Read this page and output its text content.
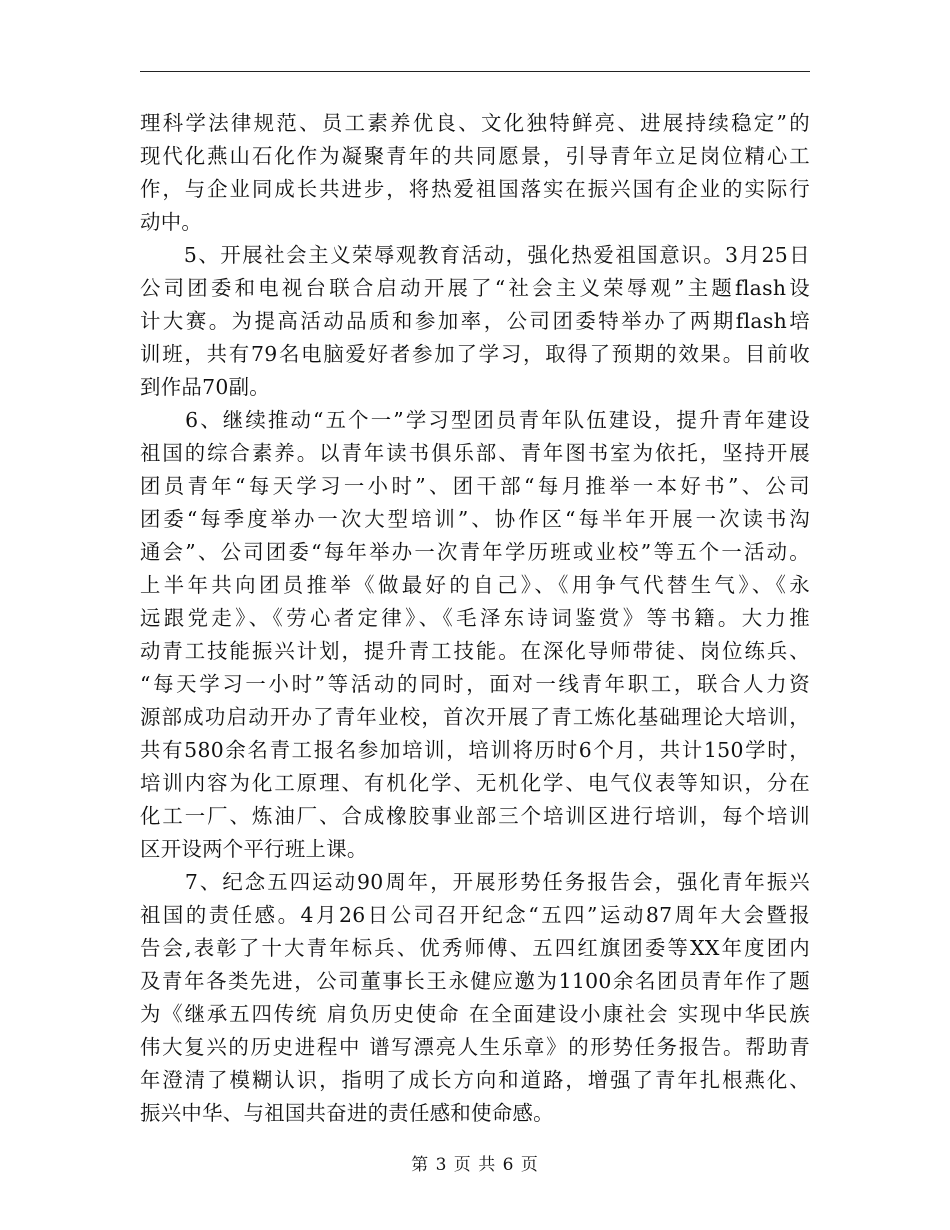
理科学法律规范、员工素养优良、文化独特鲜亮、进展持续稳定”的
现代化燕山石化作为凝聚青年的共同愿景，引导青年立足岗位精心工
作，与企业同成长共进步，将热爱祖国落实在振兴国有企业的实际行
动中。
　　5、开展社会主义荣辱观教育活动，强化热爱祖国意识。3月25日
公司团委和电视台联合启动开展了“社会主义荣辱观”主题flash设
计大赛。为提高活动品质和参加率，公司团委特举办了两期flash培
训班，共有79名电脑爱好者参加了学习，取得了预期的效果。目前收
到作品70副。
　　6、继续推动“五个一”学习型团员青年队伍建设，提升青年建设
祖国的综合素养。以青年读书俱乐部、青年图书室为依托，坚持开展
团员青年“每天学习一小时”、团干部“每月推举一本好书”、公司
团委“每季度举办一次大型培训”、协作区“每半年开展一次读书沟
通会”、公司团委“每年举办一次青年学历班或业校”等五个一活动。
上半年共向团员推举《做最好的自己》、《用争气代替生气》、《永
远跟党走》、《劳心者定律》、《毛泽东诗词鉴赏》等书籍。大力推
动青工技能振兴计划，提升青工技能。在深化导师带徒、岗位练兵、
“每天学习一小时”等活动的同时，面对一线青年职工，联合人力资
源部成功启动开办了青年业校，首次开展了青工炼化基础理论大培训，
共有580余名青工报名参加培训，培训将历时6个月，共计150学时，
培训内容为化工原理、有机化学、无机化学、电气仪表等知识，分在
化工一厂、炼油厂、合成橡胶事业部三个培训区进行培训，每个培训
区开设两个平行班上课。
　　7、纪念五四运动90周年，开展形势任务报告会，强化青年振兴
祖国的责任感。4月26日公司召开纪念“五四”运动87周年大会暨报
告会,表彰了十大青年标兵、优秀师傅、五四红旗团委等XX年度团内
及青年各类先进，公司董事长王永健应邀为1100余名团员青年作了题
为《继承五四传统 肩负历史使命 在全面建设小康社会 实现中华民族
伟大复兴的历史进程中 谱写漂亮人生乐章》的形势任务报告。帮助青
年澄清了模糊认识，指明了成长方向和道路，增强了青年扎根燕化、
振兴中华、与祖国共奋进的责任感和使命感。
第 3 页 共 6 页
